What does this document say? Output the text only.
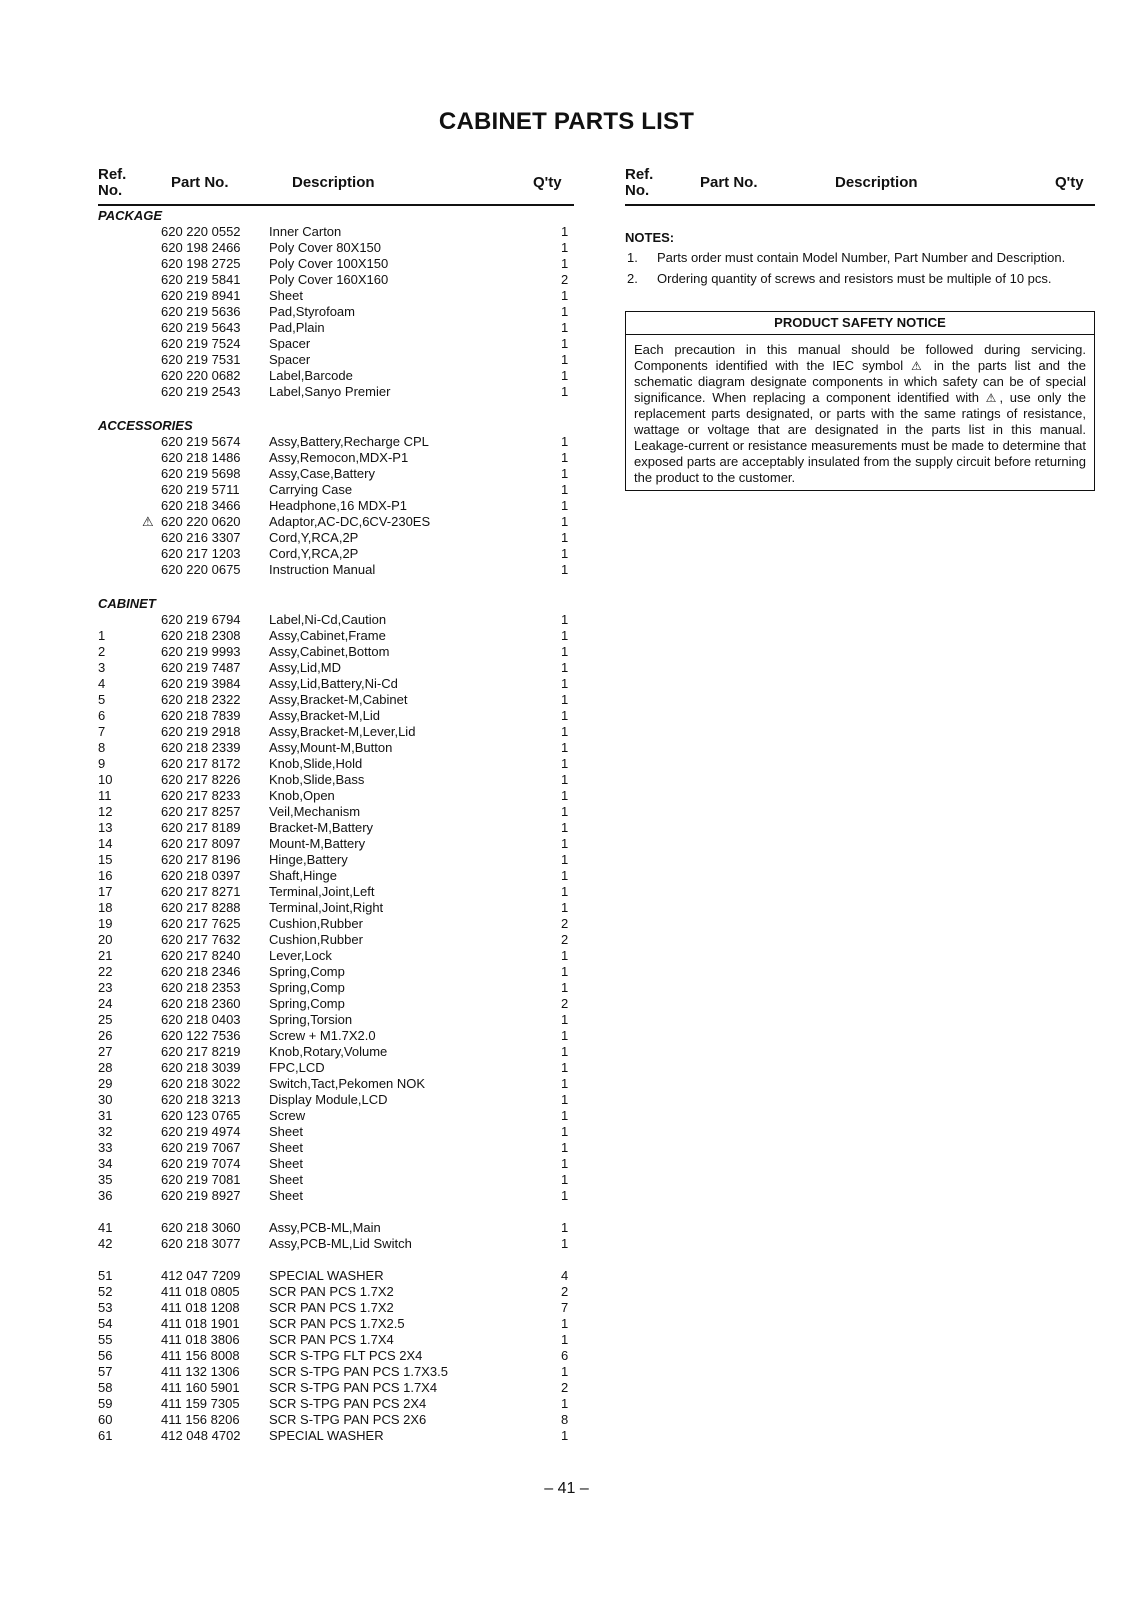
CABINET PARTS LIST
Ref.
No.	Part No.	Description	Q'ty
PACKAGE
620 220 0552 Inner Carton	1
620 198 2466 Poly Cover 80X150	1
620 198 2725 Poly Cover 100X150	1
620 219 5841 Poly Cover 160X160	2
620 219 8941 Sheet	1
620 219 5636 Pad,Styrofoam	1
620 219 5643 Pad,Plain	1
620 219 7524 Spacer	1
620 219 7531 Spacer	1
620 220 0682 Label,Barcode	1
620 219 2543 Label,Sanyo Premier	1
ACCESSORIES
620 219 5674 Assy,Battery,Recharge CPL	1
620 218 1486 Assy,Remocon,MDX-P1	1
620 219 5698 Assy,Case,Battery	1
620 219 5711 Carrying Case	1
620 218 3466 Headphone,16 MDX-P1	1
620 220 0620 Adaptor,AC-DC,6CV-230ES	1
⚠
620 216 3307 Cord,Y,RCA,2P	1
620 217 1203 Cord,Y,RCA,2P	1
620 220 0675 Instruction Manual	1
CABINET
620 219 6794 Label,Ni-Cd,Caution	1
1	620 218 2308 Assy,Cabinet,Frame	1
2	620 219 9993 Assy,Cabinet,Bottom	1
3	620 219 7487 Assy,Lid,MD	1
4	620 219 3984 Assy,Lid,Battery,Ni-Cd	1
5	620 218 2322 Assy,Bracket-M,Cabinet	1
6	620 218 7839 Assy,Bracket-M,Lid	1
7	620 219 2918 Assy,Bracket-M,Lever,Lid	1
8	620 218 2339 Assy,Mount-M,Button	1
9	620 217 8172 Knob,Slide,Hold	1
10	620 217 8226 Knob,Slide,Bass	1
11	620 217 8233 Knob,Open	1
12	620 217 8257 Veil,Mechanism	1
13	620 217 8189 Bracket-M,Battery	1
14	620 217 8097 Mount-M,Battery	1
15	620 217 8196 Hinge,Battery	1
16	620 218 0397 Shaft,Hinge	1
17	620 217 8271 Terminal,Joint,Left	1
18	620 217 8288 Terminal,Joint,Right	1
19	620 217 7625 Cushion,Rubber	2
20	620 217 7632 Cushion,Rubber	2
21	620 217 8240 Lever,Lock	1
22	620 218 2346 Spring,Comp	1
23	620 218 2353 Spring,Comp	1
24	620 218 2360 Spring,Comp	2
25	620 218 0403 Spring,Torsion	1
26	620 122 7536 Screw + M1.7X2.0	1
27	620 217 8219 Knob,Rotary,Volume	1
28	620 218 3039 FPC,LCD	1
29	620 218 3022 Switch,Tact,Pekomen NOK	1
30	620 218 3213 Display Module,LCD	1
31	620 123 0765 Screw	1
32	620 219 4974 Sheet	1
33	620 219 7067 Sheet	1
34	620 219 7074 Sheet	1
35	620 219 7081 Sheet	1
36	620 219 8927 Sheet	1
41	620 218 3060 Assy,PCB-ML,Main	1
42	620 218 3077 Assy,PCB-ML,Lid Switch	1
51	412 047 7209 SPECIAL WASHER	4
52	411 018 0805 SCR PAN PCS 1.7X2	2
53	411 018 1208 SCR PAN PCS 1.7X2	7
54	411 018 1901 SCR PAN PCS 1.7X2.5	1
55	411 018 3806 SCR PAN PCS 1.7X4	1
56	411 156 8008 SCR S-TPG FLT PCS 2X4	6
57	411 132 1306 SCR S-TPG PAN PCS 1.7X3.5	1
58	411 160 5901 SCR S-TPG PAN PCS 1.7X4	2
59	411 159 7305 SCR S-TPG PAN PCS 2X4	1
60	411 156 8206 SCR S-TPG PAN PCS 2X6	8
61	412 048 4702 SPECIAL WASHER	1
Ref.
No.	Part No.	Description	Q'ty
NOTES:
1. Parts order must contain Model Number, Part Number and Description.
2. Ordering quantity of screws and resistors must be multiple of 10 pcs.
PRODUCT SAFETY NOTICE
Each precaution in this manual should be followed during servicing. Components identified with the IEC symbol ⚠ in the parts list and the schematic diagram designate components in which safety can be of special significance. When replacing a component identified with ⚠, use only the replacement parts designated, or parts with the same ratings of resistance, wattage or voltage that are designated in the parts list in this manual. Leakage-current or resistance measurements must be made to determine that exposed parts are acceptably insulated from the supply circuit before returning the product to the customer.
– 41 –
